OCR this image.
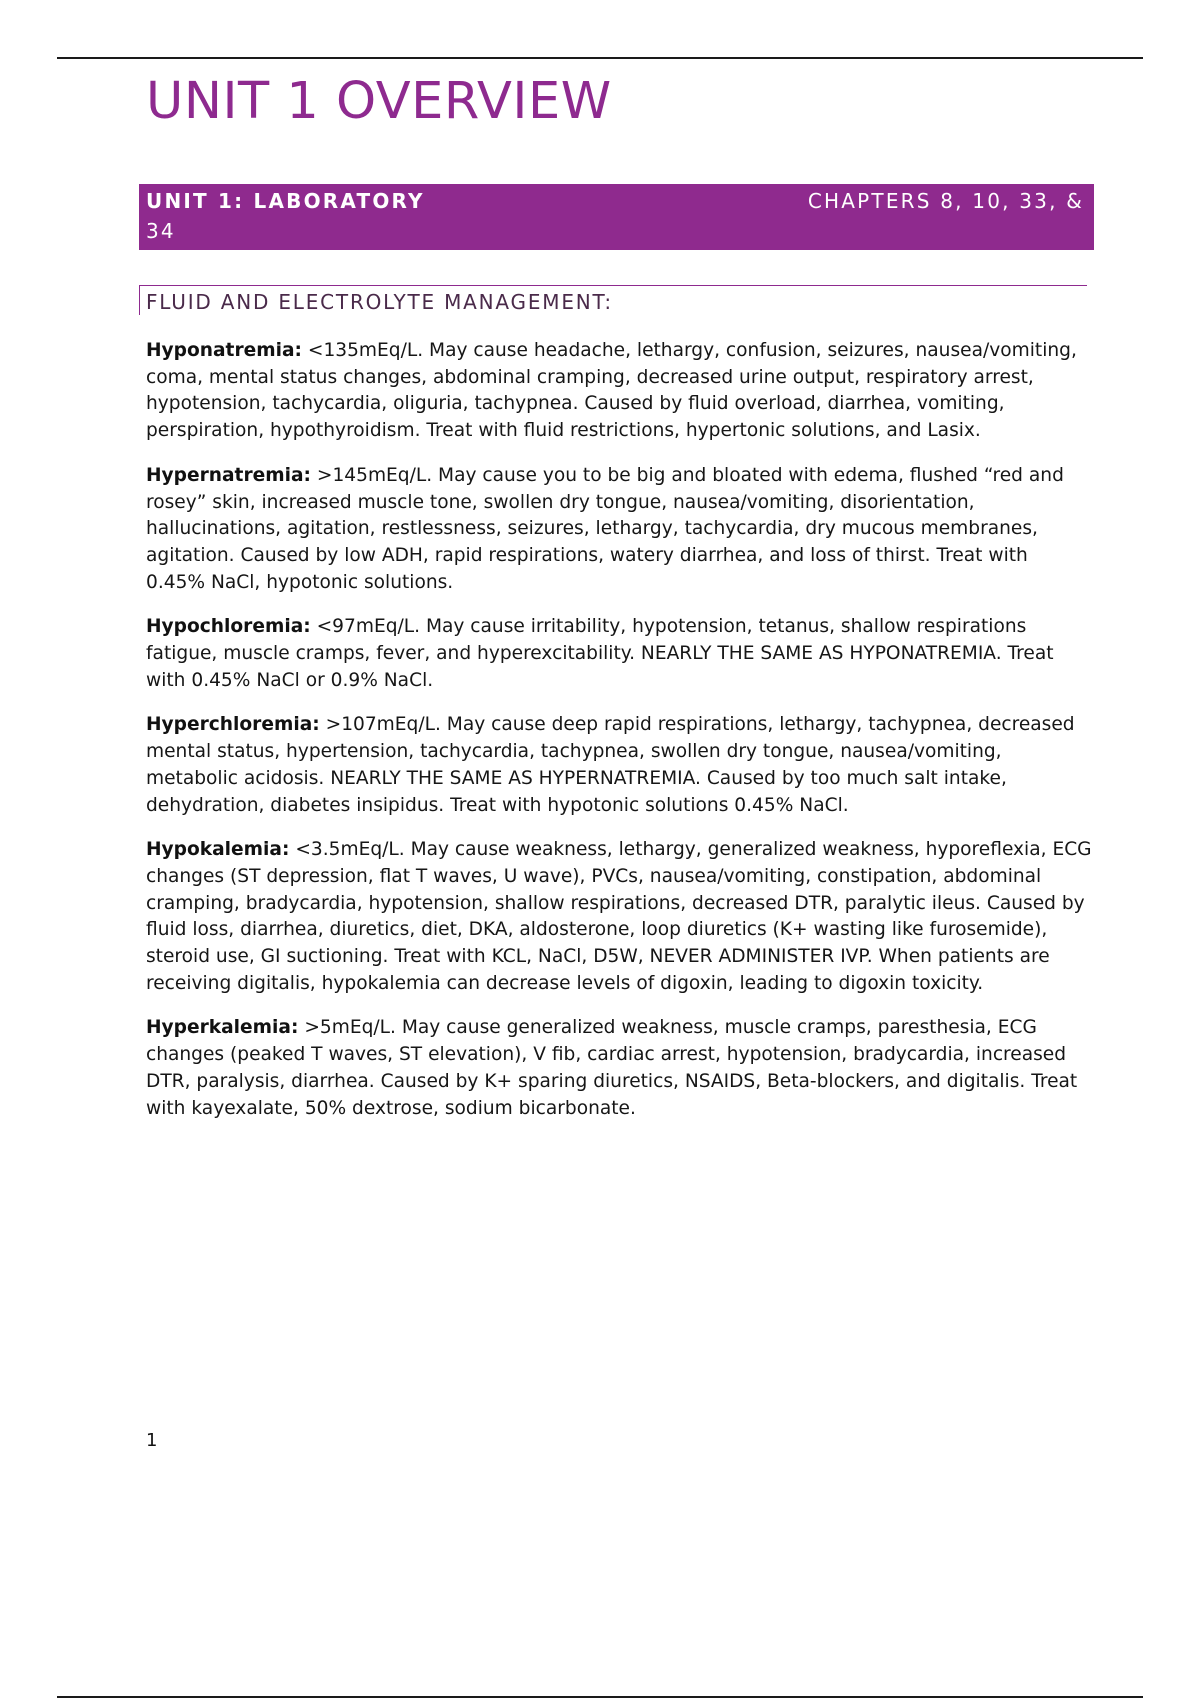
UNIT 1 OVERVIEW
UNIT 1: LABORATORY	CHAPTERS 8, 10, 33, &
34
FLUID AND ELECTROLYTE MANAGEMENT:

Hyponatremia: <135mEq/L. May cause headache, lethargy, confusion, seizures, nausea/vomiting, coma, mental status changes, abdominal cramping, decreased urine output, respiratory arrest, hypotension, tachycardia, oliguria, tachypnea. Caused by fluid overload, diarrhea, vomiting, perspiration, hypothyroidism. Treat with fluid restrictions, hypertonic solutions, and Lasix.

Hypernatremia: >145mEq/L. May cause you to be big and bloated with edema, flushed “red and rosey” skin, increased muscle tone, swollen dry tongue, nausea/vomiting, disorientation, hallucinations, agitation, restlessness, seizures, lethargy, tachycardia, dry mucous membranes, agitation. Caused by low ADH, rapid respirations, watery diarrhea, and loss of thirst. Treat with 0.45% NaCl, hypotonic solutions.

Hypochloremia: <97mEq/L. May cause irritability, hypotension, tetanus, shallow respirations fatigue, muscle cramps, fever, and hyperexcitability. NEARLY THE SAME AS HYPONATREMIA. Treat with 0.45% NaCl or 0.9% NaCl.

Hyperchloremia: >107mEq/L. May cause deep rapid respirations, lethargy, tachypnea, decreased mental status, hypertension, tachycardia, tachypnea, swollen dry tongue, nausea/vomiting, metabolic acidosis. NEARLY THE SAME AS HYPERNATREMIA. Caused by too much salt intake, dehydration, diabetes insipidus. Treat with hypotonic solutions 0.45% NaCl.

Hypokalemia: <3.5mEq/L. May cause weakness, lethargy, generalized weakness, hyporeflexia, ECG changes (ST depression, flat T waves, U wave), PVCs, nausea/vomiting, constipation, abdominal cramping, bradycardia, hypotension, shallow respirations, decreased DTR, paralytic ileus. Caused by fluid loss, diarrhea, diuretics, diet, DKA, aldosterone, loop diuretics (K+ wasting like furosemide), steroid use, GI suctioning. Treat with KCL, NaCl, D5W, NEVER ADMINISTER IVP. When patients are receiving digitalis, hypokalemia can decrease levels of digoxin, leading to digoxin toxicity.

Hyperkalemia: >5mEq/L. May cause generalized weakness, muscle cramps, paresthesia, ECG changes (peaked T waves, ST elevation), V fib, cardiac arrest, hypotension, bradycardia, increased DTR, paralysis, diarrhea. Caused by K+ sparing diuretics, NSAIDS, Beta-blockers, and digitalis. Treat with kayexalate, 50% dextrose, sodium bicarbonate.

1
